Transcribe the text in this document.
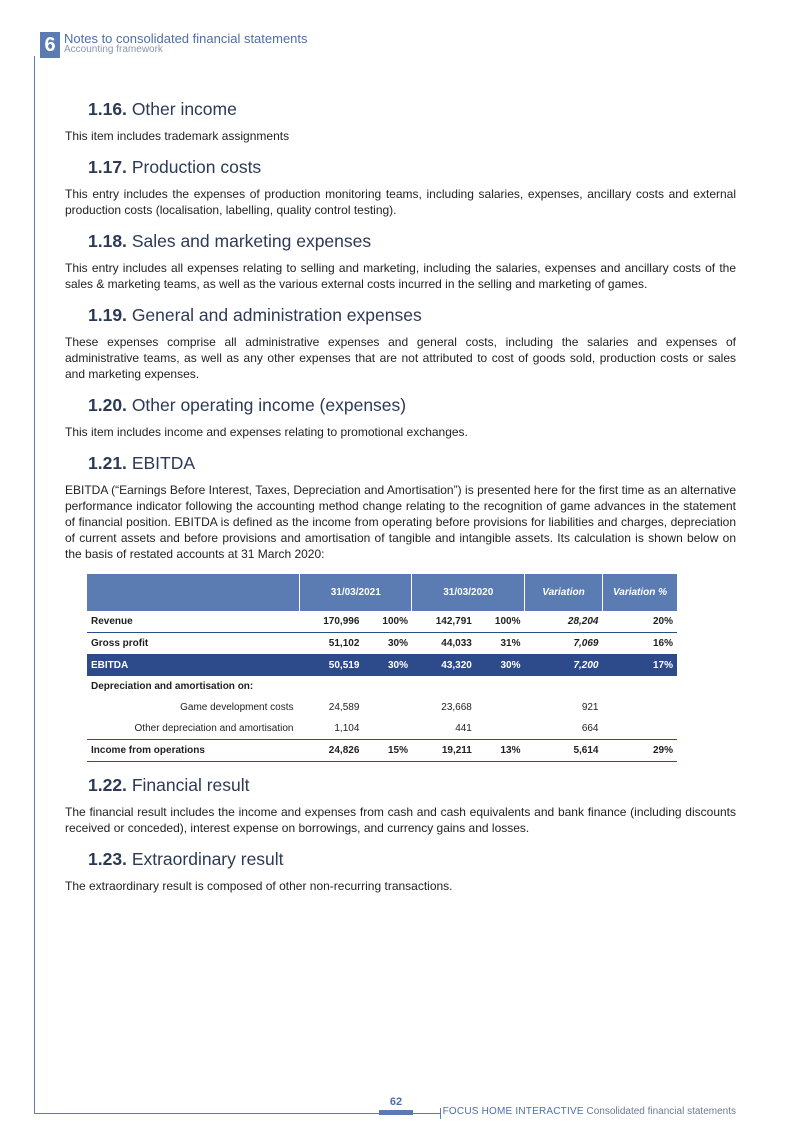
6 Notes to consolidated financial statements
Accounting framework
1.16. Other income

This item includes trademark assignments

1.17. Production costs

This entry includes the expenses of production monitoring teams, including salaries, expenses, ancillary costs and external production costs (localisation, labelling, quality control testing).

1.18. Sales and marketing expenses

This entry includes all expenses relating to selling and marketing, including the salaries, expenses and ancillary costs of the sales & marketing teams, as well as the various external costs incurred in the selling and marketing of games.

1.19. General and administration expenses

These expenses comprise all administrative expenses and general costs, including the salaries and expenses of administrative teams, as well as any other expenses that are not attributed to cost of goods sold, production costs or sales and marketing expenses.

1.20. Other operating income (expenses)

This item includes income and expenses relating to promotional exchanges.

1.21. EBITDA

EBITDA (“Earnings Before Interest, Taxes, Depreciation and Amortisation”) is presented here for the first time as an alternative performance indicator following the accounting method change relating to the recognition of game advances in the statement of financial position. EBITDA is defined as the income from operating before provisions for liabilities and charges, depreciation of current assets and before provisions and amortisation of tangible and intangible assets. Its calculation is shown below on the basis of restated accounts at 31 March 2020:

	31/03/2021		31/03/2020		Variation	Variation %
Revenue	170,996	100%	142,791	100%	28,204	20%
Gross profit	51,102	30%	44,033	31%	7,069	16%
EBITDA	50,519	30%	43,320	30%	7,200	17%
Depreciation and amortisation on:						
Game development costs	24,589		23,668		921	
Other depreciation and amortisation	1,104		441		664	
Income from operations	24,826	15%	19,211	13%	5,614	29%
1.22. Financial result

The financial result includes the income and expenses from cash and cash equivalents and bank finance (including discounts received or conceded), interest expense on borrowings, and currency gains and losses.

1.23. Extraordinary result

The extraordinary result is composed of other non-recurring transactions.

62
FOCUS HOME INTERACTIVE Consolidated financial statements
